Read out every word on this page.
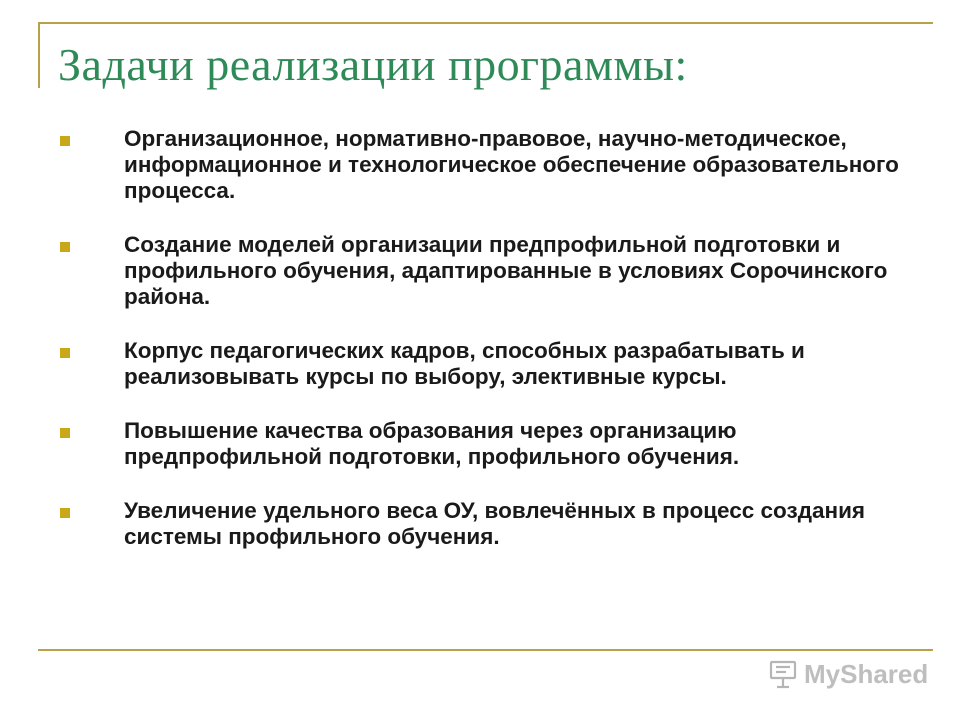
Задачи реализации программы:
Организационное, нормативно-правовое, научно-методическое, информационное и технологическое обеспечение образовательного процесса.
Создание моделей организации предпрофильной подготовки и профильного обучения, адаптированные в условиях Сорочинского района.
Корпус педагогических кадров, способных разрабатывать и реализовывать курсы по выбору, элективные курсы.
Повышение качества образования через организацию предпрофильной подготовки, профильного обучения.
Увеличение удельного веса ОУ, вовлечённых в процесс создания системы профильного обучения.
MyShared
